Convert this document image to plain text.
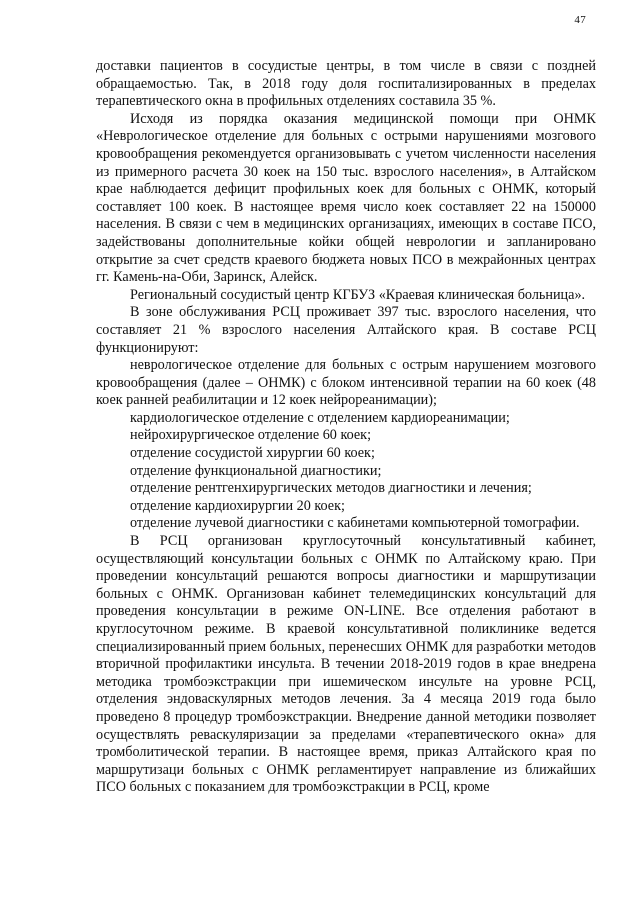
47

доставки пациентов в сосудистые центры, в том числе в связи с поздней обращаемостью. Так, в 2018 году доля госпитализированных в пределах терапевтического окна в профильных отделениях составила 35 %.

Исходя из порядка оказания медицинской помощи при ОНМК «Неврологическое отделение для больных с острыми нарушениями мозгового кровообращения рекомендуется организовывать с учетом численности населения из примерного расчета 30 коек на 150 тыс. взрослого населения», в Алтайском крае наблюдается дефицит профильных коек для больных с ОНМК, который составляет 100 коек. В настоящее время число коек составляет 22 на 150000 населения. В связи с чем в медицинских организациях, имеющих в составе ПСО, задействованы дополнительные койки общей неврологии и запланировано открытие за счет средств краевого бюджета новых ПСО в межрайонных центрах гг. Камень-на-Оби, Заринск, Алейск.

Региональный сосудистый центр КГБУЗ «Краевая клиническая больница».

В зоне обслуживания РСЦ проживает 397 тыс. взрослого населения, что составляет 21 % взрослого населения Алтайского края. В составе РСЦ функционируют:

неврологическое отделение для больных с острым нарушением мозгового кровообращения (далее – ОНМК) с блоком интенсивной терапии на 60 коек (48 коек ранней реабилитации и 12 коек нейрореанимации);

кардиологическое отделение с отделением кардиореанимации;

нейрохирургическое отделение 60 коек;

отделение сосудистой хирургии 60 коек;

отделение функциональной диагностики;

отделение рентгенхирургических методов диагностики и лечения;

отделение кардиохирургии 20 коек;

отделение лучевой диагностики с кабинетами компьютерной томографии.

В РСЦ организован круглосуточный консультативный кабинет, осуществляющий консультации больных с ОНМК по Алтайскому краю. При проведении консультаций решаются вопросы диагностики и маршрутизации больных с ОНМК. Организован кабинет телемедицинских консультаций для проведения консультации в режиме ON-LINE. Все отделения работают в круглосуточном режиме. В краевой консультативной поликлинике ведется специализированный прием больных, перенесших ОНМК для разработки методов вторичной профилактики инсульта. В течении 2018-2019 годов в крае внедрена методика тромбоэкстракции при ишемическом инсульте на уровне РСЦ, отделения эндоваскулярных методов лечения. За 4 месяца 2019 года было проведено 8 процедур тромбоэкстракции. Внедрение данной методики позволяет осуществлять реваскуляризации за пределами «терапевтического окна» для тромболитической терапии. В настоящее время, приказ Алтайского края по маршрутизаци больных с ОНМК регламентирует направление из ближайших ПСО больных с показанием для тромбоэкстракции в РСЦ, кроме
